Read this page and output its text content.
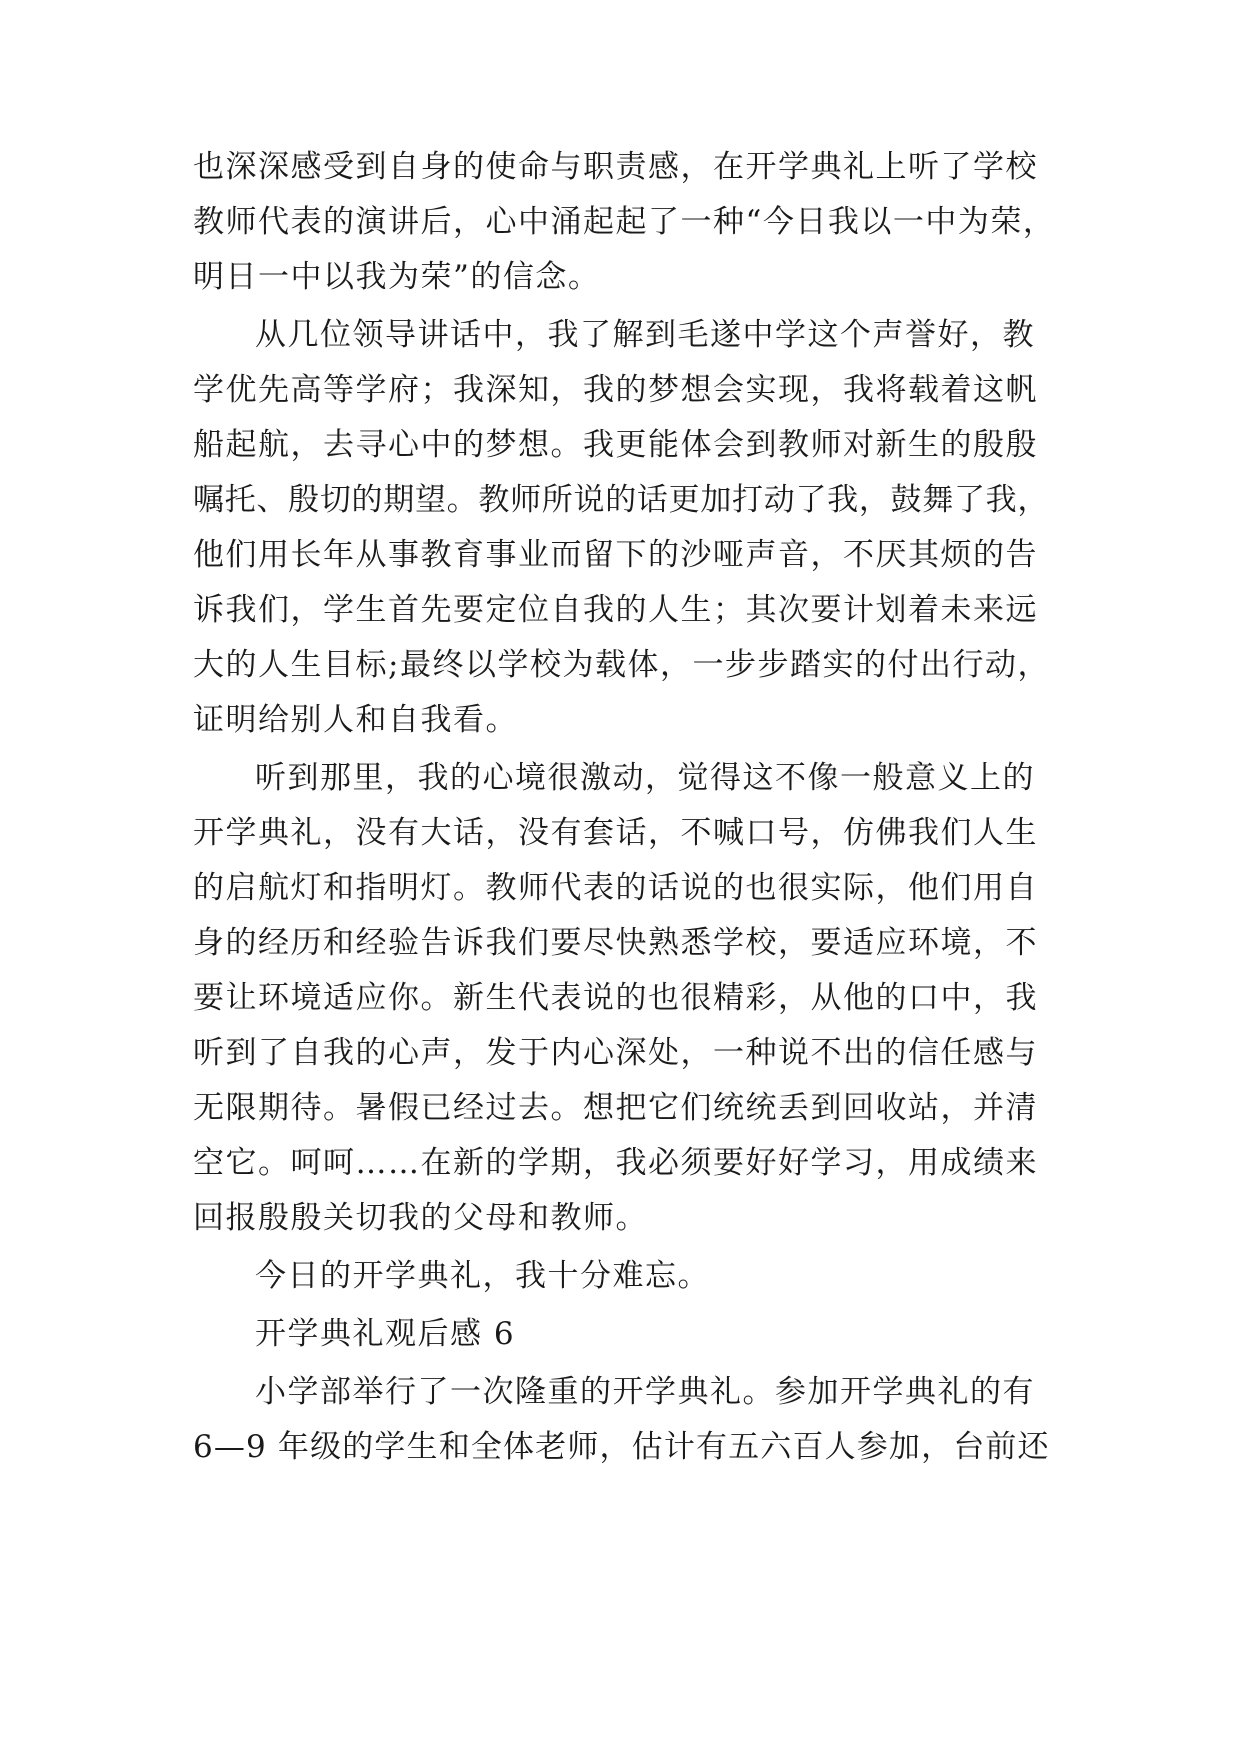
也深深感受到自身的使命与职责感，在开学典礼上听了学校
教师代表的演讲后，心中涌起起了一种“今日我以一中为荣，
明日一中以我为荣”的信念。
从几位领导讲话中，我了解到毛遂中学这个声誉好，教
学优先高等学府；我深知，我的梦想会实现，我将载着这帆
船起航，去寻心中的梦想。我更能体会到教师对新生的殷殷
嘱托、殷切的期望。教师所说的话更加打动了我，鼓舞了我，
他们用长年从事教育事业而留下的沙哑声音，不厌其烦的告
诉我们，学生首先要定位自我的人生；其次要计划着未来远
大的人生目标;最终以学校为载体，一步步踏实的付出行动，
证明给别人和自我看。
听到那里，我的心境很激动，觉得这不像一般意义上的
开学典礼，没有大话，没有套话，不喊口号，仿佛我们人生
的启航灯和指明灯。教师代表的话说的也很实际，他们用自
身的经历和经验告诉我们要尽快熟悉学校，要适应环境，不
要让环境适应你。新生代表说的也很精彩，从他的口中，我
听到了自我的心声，发于内心深处，一种说不出的信任感与
无限期待。暑假已经过去。想把它们统统丢到回收站，并清
空它。呵呵……在新的学期，我必须要好好学习，用成绩来
回报殷殷关切我的父母和教师。
今日的开学典礼，我十分难忘。
开学典礼观后感 6
小学部举行了一次隆重的开学典礼。参加开学典礼的有
6—9 年级的学生和全体老师，估计有五六百人参加，台前还
